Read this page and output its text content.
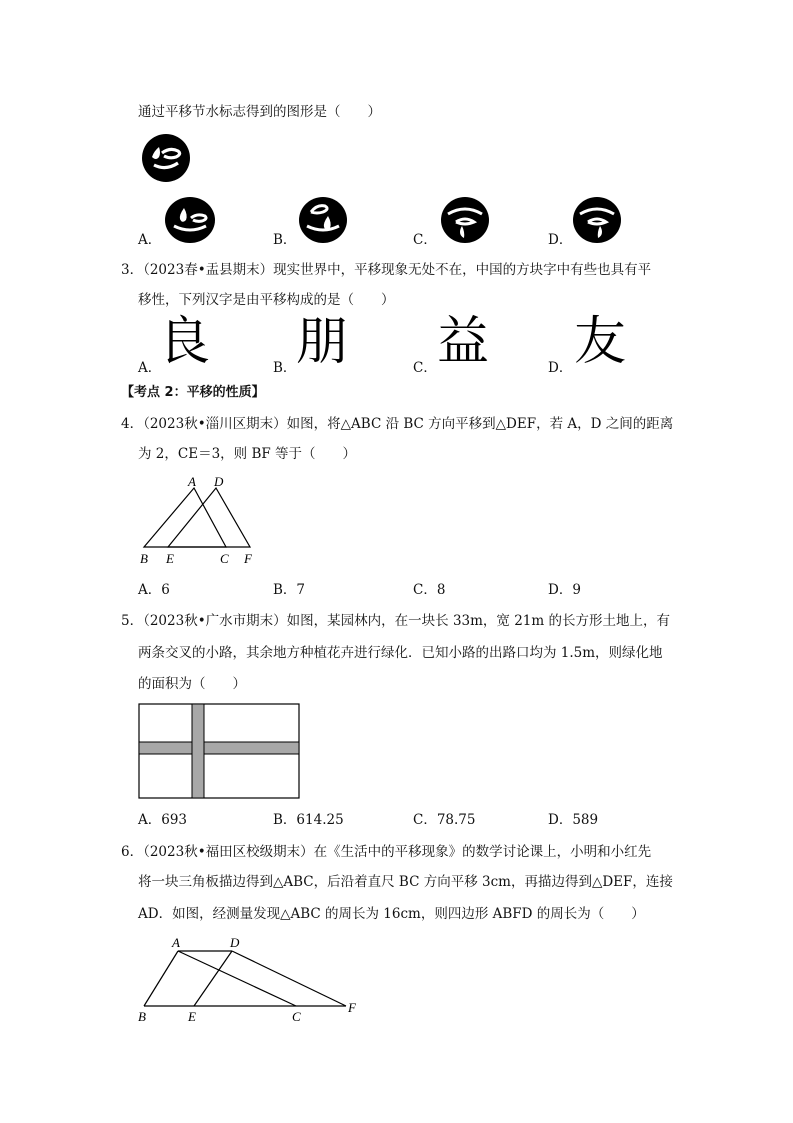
通过平移节水标志得到的图形是（　　）
A．	B．	C．	D．
3．（2023春•盂县期末）现实世界中，平移现象无处不在，中国的方块字中有些也具有平
移性，下列汉字是由平移构成的是（　　）
A．
良	B． 朋	C． 益	D． 友
【考点 2：平移的性质】
4．（2023秋•淄川区期末）如图，将△ABC 沿 BC 方向平移到△DEF，若 A，D 之间的距离
为 2，CE＝3，则 BF 等于（　　）
A D
B E	C F
A．6	B．7	C．8	D．9
5．（2023秋•广水市期末）如图，某园林内，在一块长 33m，宽 21m 的长方形土地上，有
两条交叉的小路，其余地方种植花卉进行绿化．已知小路的出路口均为 1.5m，则绿化地
的面积为（　　）
A．693	B．614.25	C．78.75	D．589
6．（2023秋•福田区校级期末）在《生活中的平移现象》的数学讨论课上，小明和小红先
将一块三角板描边得到△ABC，后沿着直尺 BC 方向平移 3cm，再描边得到△DEF，连接
AD．如图，经测量发现△ABC 的周长为 16cm，则四边形 ABFD 的周长为（　　）
A	D
B	E	C
F
